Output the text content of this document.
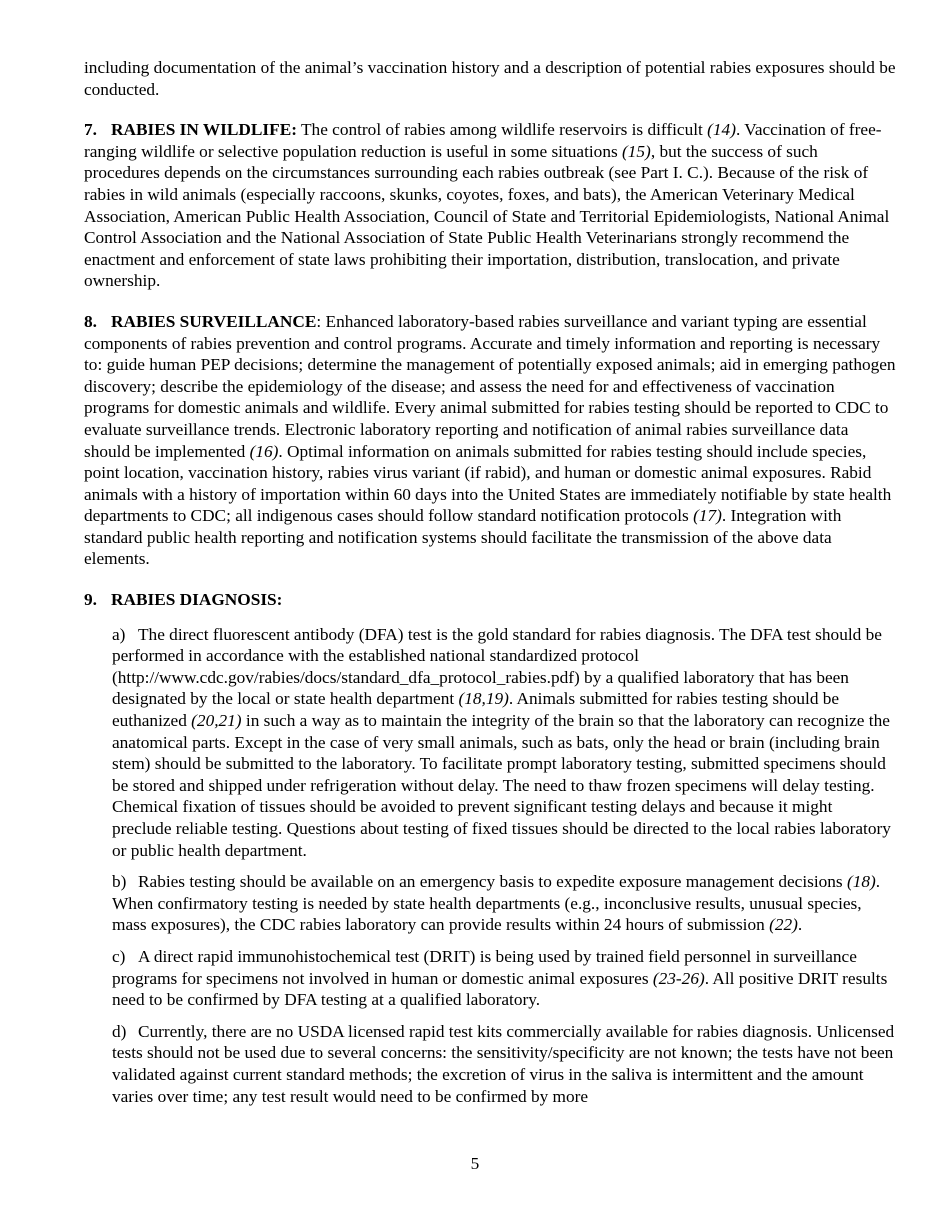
including documentation of the animal’s vaccination history and a description of potential rabies exposures should be conducted.

7. RABIES IN WILDLIFE: The control of rabies among wildlife reservoirs is difficult (14). Vaccination of free-ranging wildlife or selective population reduction is useful in some situations (15), but the success of such procedures depends on the circumstances surrounding each rabies outbreak (see Part I. C.). Because of the risk of rabies in wild animals (especially raccoons, skunks, coyotes, foxes, and bats), the American Veterinary Medical Association, American Public Health Association, Council of State and Territorial Epidemiologists, National Animal Control Association and the National Association of State Public Health Veterinarians strongly recommend the enactment and enforcement of state laws prohibiting their importation, distribution, translocation, and private ownership.

8. RABIES SURVEILLANCE: Enhanced laboratory-based rabies surveillance and variant typing are essential components of rabies prevention and control programs. Accurate and timely information and reporting is necessary to: guide human PEP decisions; determine the management of potentially exposed animals; aid in emerging pathogen discovery; describe the epidemiology of the disease; and assess the need for and effectiveness of vaccination programs for domestic animals and wildlife. Every animal submitted for rabies testing should be reported to CDC to evaluate surveillance trends. Electronic laboratory reporting and notification of animal rabies surveillance data should be implemented (16). Optimal information on animals submitted for rabies testing should include species, point location, vaccination history, rabies virus variant (if rabid), and human or domestic animal exposures. Rabid animals with a history of importation within 60 days into the United States are immediately notifiable by state health departments to CDC; all indigenous cases should follow standard notification protocols (17). Integration with standard public health reporting and notification systems should facilitate the transmission of the above data elements.

9. RABIES DIAGNOSIS:

a) The direct fluorescent antibody (DFA) test is the gold standard for rabies diagnosis. The DFA test should be performed in accordance with the established national standardized protocol (http://www.cdc.gov/rabies/docs/standard_dfa_protocol_rabies.pdf) by a qualified laboratory that has been designated by the local or state health department (18,19). Animals submitted for rabies testing should be euthanized (20,21) in such a way as to maintain the integrity of the brain so that the laboratory can recognize the anatomical parts. Except in the case of very small animals, such as bats, only the head or brain (including brain stem) should be submitted to the laboratory. To facilitate prompt laboratory testing, submitted specimens should be stored and shipped under refrigeration without delay. The need to thaw frozen specimens will delay testing. Chemical fixation of tissues should be avoided to prevent significant testing delays and because it might preclude reliable testing. Questions about testing of fixed tissues should be directed to the local rabies laboratory or public health department.

b) Rabies testing should be available on an emergency basis to expedite exposure management decisions (18). When confirmatory testing is needed by state health departments (e.g., inconclusive results, unusual species, mass exposures), the CDC rabies laboratory can provide results within 24 hours of submission (22).

c) A direct rapid immunohistochemical test (DRIT) is being used by trained field personnel in surveillance programs for specimens not involved in human or domestic animal exposures (23-26). All positive DRIT results need to be confirmed by DFA testing at a qualified laboratory.

d) Currently, there are no USDA licensed rapid test kits commercially available for rabies diagnosis. Unlicensed tests should not be used due to several concerns: the sensitivity/specificity are not known; the tests have not been validated against current standard methods; the excretion of virus in the saliva is intermittent and the amount varies over time; any test result would need to be confirmed by more

5
